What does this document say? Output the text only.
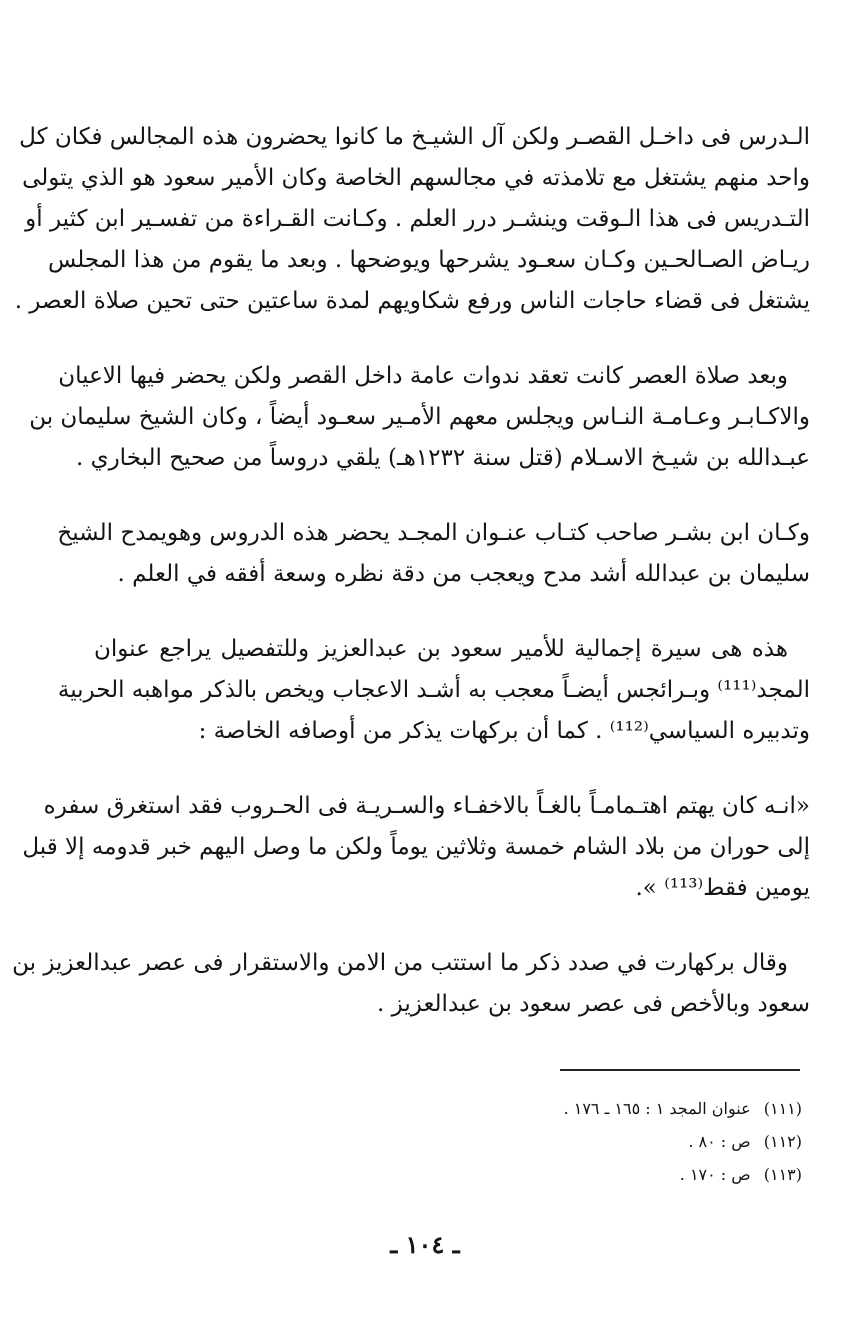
الـدرس فى داخـل القصـر ولكن آل الشيـخ ما كانوا يحضرون هذه المجالس فكان كل
واحد منهم يشتغل مع تلامذته في مجالسهم الخاصة وكان الأمير سعود هو الذي يتولى
التـدريس فى هذا الـوقت وينشـر درر العلم . وكـانت القـراءة من تفسـير ابن كثير أو
ريـاض الصـالحـين وكـان سعـود يشرحها ويوضحها . وبعد ما يقوم من هذا المجلس
يشتغل فى قضاء حاجات الناس ورفع شكاويهم لمدة ساعتين حتى تحين صلاة العصر .

وبعد صلاة العصر كانت تعقد ندوات عامة داخل القصر ولكن يحضر فيها الاعيان
والاكـابـر وعـامـة النـاس ويجلس معهم الأمـير سعـود أيضاً ، وكان الشيخ سليمان بن
عبـدالله بن شيـخ الاسـلام (قتل سنة ١٢٣٢هـ) يلقي دروساً من صحيح البخاري .

وكـان ابن بشـر صاحب كتـاب عنـوان المجـد يحضر هذه الدروس وهويمدح الشيخ
سليمان بن عبدالله أشد مدح ويعجب من دقة نظره وسعة أفقه في العلم .

هذه هى سيرة إجمالية للأمير سعود بن عبدالعزيز وللتفصيل يراجع عنوان
المجد⁽¹¹¹⁾ وبـرائجس أيضـاً معجب به أشـد الاعجاب ويخص بالذكر مواهبه الحربية
وتدبيره السياسي⁽¹¹²⁾ . كما أن بركهات يذكر من أوصافه الخاصة :

«انـه كان يهتم اهتـمامـاً بالغـاً بالاخفـاء والسـريـة فى الحـروب فقد استغرق سفره
إلى حوران من بلاد الشام خمسة وثلاثين يوماً ولكن ما وصل اليهم خبر قدومه إلا قبل
يومين فقط⁽¹¹³⁾ ».

وقال بركهارت في صدد ذكر ما استتب من الامن والاستقرار فى عصر عبدالعزيز بن
سعود وبالأخص فى عصر سعود بن عبدالعزيز .

(١١١) عنوان المجد ١ : ١٦٥ ـ ١٧٦ .
(١١٢) ص : ٨٠ .
(١١٣) ص : ١٧٠ .
ـ ١٠٤ ـ
